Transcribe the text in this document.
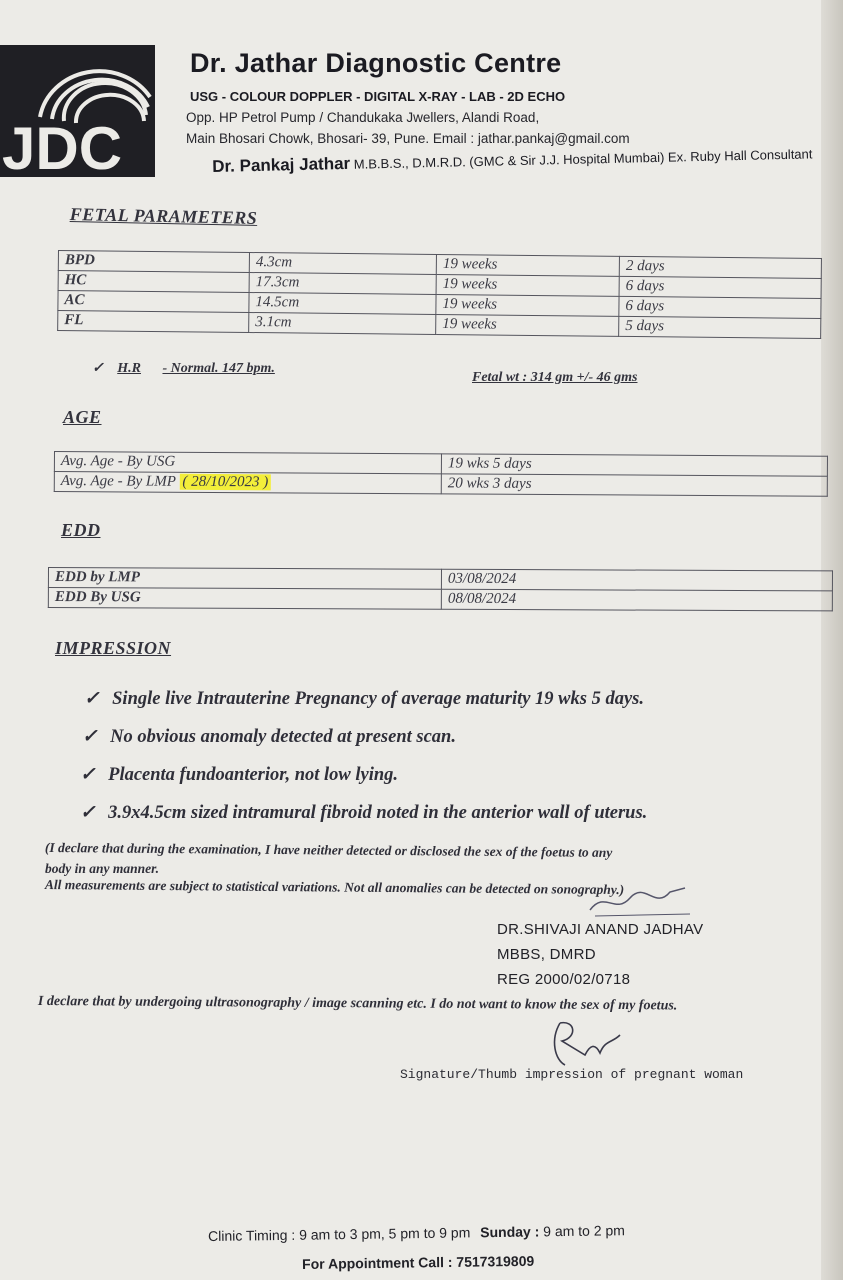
JDC
Dr. Jathar Diagnostic Centre
USG - COLOUR DOPPLER - DIGITAL X-RAY - LAB - 2D ECHO
Opp. HP Petrol Pump / Chandukaka Jwellers, Alandi Road,
Main Bhosari Chowk, Bhosari- 39, Pune. Email : jathar.pankaj@gmail.com
Dr. Pankaj Jathar M.B.B.S., D.M.R.D. (GMC & Sir J.J. Hospital Mumbai) Ex. Ruby Hall Consultant
FETAL PARAMETERS
BPD	4.3cm	19 weeks	2 days
HC	17.3cm	19 weeks	6 days
AC	14.5cm	19 weeks	6 days
FL	3.1cm	19 weeks	5 days
✓ H.R - Normal. 147 bpm.
Fetal wt : 314 gm +/- 46 gms
AGE
Avg. Age - By USG	19 wks 5 days
Avg. Age - By LMP ( 28/10/2023 )	20 wks 3 days
EDD
EDD by LMP	03/08/2024
EDD By USG	08/08/2024
IMPRESSION
✓ Single live Intrauterine Pregnancy of average maturity 19 wks 5 days.
✓ No obvious anomaly detected at present scan.
✓ Placenta fundoanterior, not low lying.
✓ 3.9x4.5cm sized intramural fibroid noted in the anterior wall of uterus.
(I declare that during the examination, I have neither detected or disclosed the sex of the foetus to any
body in any manner.
All measurements are subject to statistical variations. Not all anomalies can be detected on sonography.)
DR.SHIVAJI ANAND JADHAV
MBBS, DMRD
REG 2000/02/0718
I declare that by undergoing ultrasonography / image scanning etc. I do not want to know the sex of my foetus.
Signature/Thumb impression of pregnant woman
Clinic Timing : 9 am to 3 pm, 5 pm to 9 pm Sunday : 9 am to 2 pm
For Appointment Call : 7517319809
